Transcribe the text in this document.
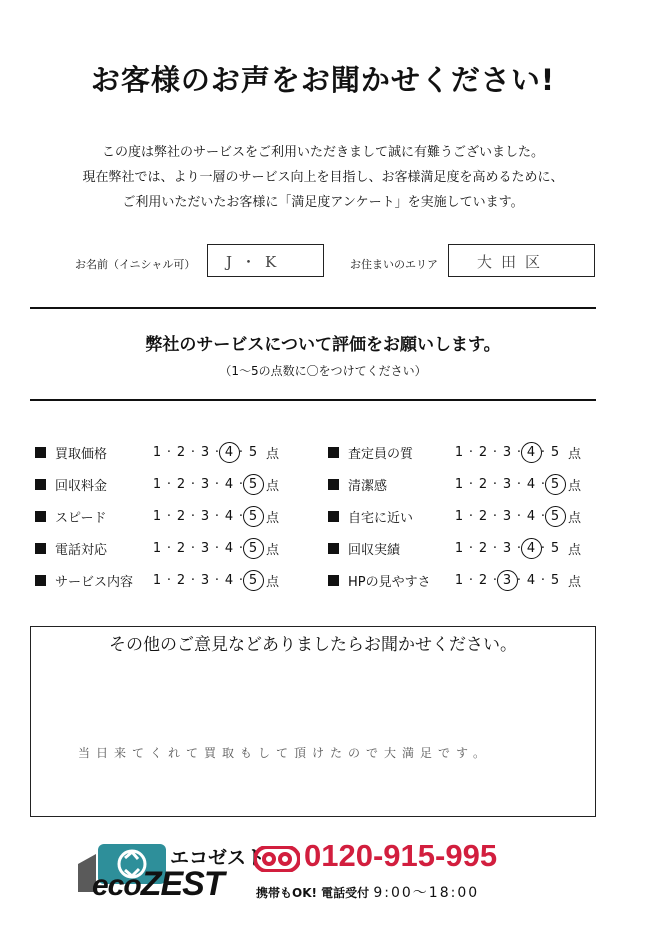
お客様のお声をお聞かせください!
この度は弊社のサービスをご利用いただきまして誠に有難うございました。
現在弊社では、より一層のサービス向上を目指し、お客様満足度を高めるために、
ご利用いただいたお客様に「満足度アンケート」を実施しています。
お名前（イニシャル可）	J・K	お住まいのエリア	大田区
弊社のサービスについて評価をお願いします。
（1〜5の点数に〇をつけてください）
買取価格	1 · 2 · 3 · 4 · 5 点
回収料金	1 · 2 · 3 · 4 · 5 点
スピード	1 · 2 · 3 · 4 · 5 点
電話対応	1 · 2 · 3 · 4 · 5 点
サービス内容	1 · 2 · 3 · 4 · 5 点
査定員の質	1 · 2 · 3 · 4 · 5 点
清潔感	1 · 2 · 3 · 4 · 5 点
自宅に近い	1 · 2 · 3 · 4 · 5 点
回収実績	1 · 2 · 3 · 4 · 5 点
HPの見やすさ	1 · 2 · 3 · 4 · 5 点
その他のご意見などありましたらお聞かせください。
当日来てくれて買取もして頂けたので大満足です。
エコゼスト
ecoZEST
0120-915-995
携帯もOK! 電話受付 9:00〜18:00
